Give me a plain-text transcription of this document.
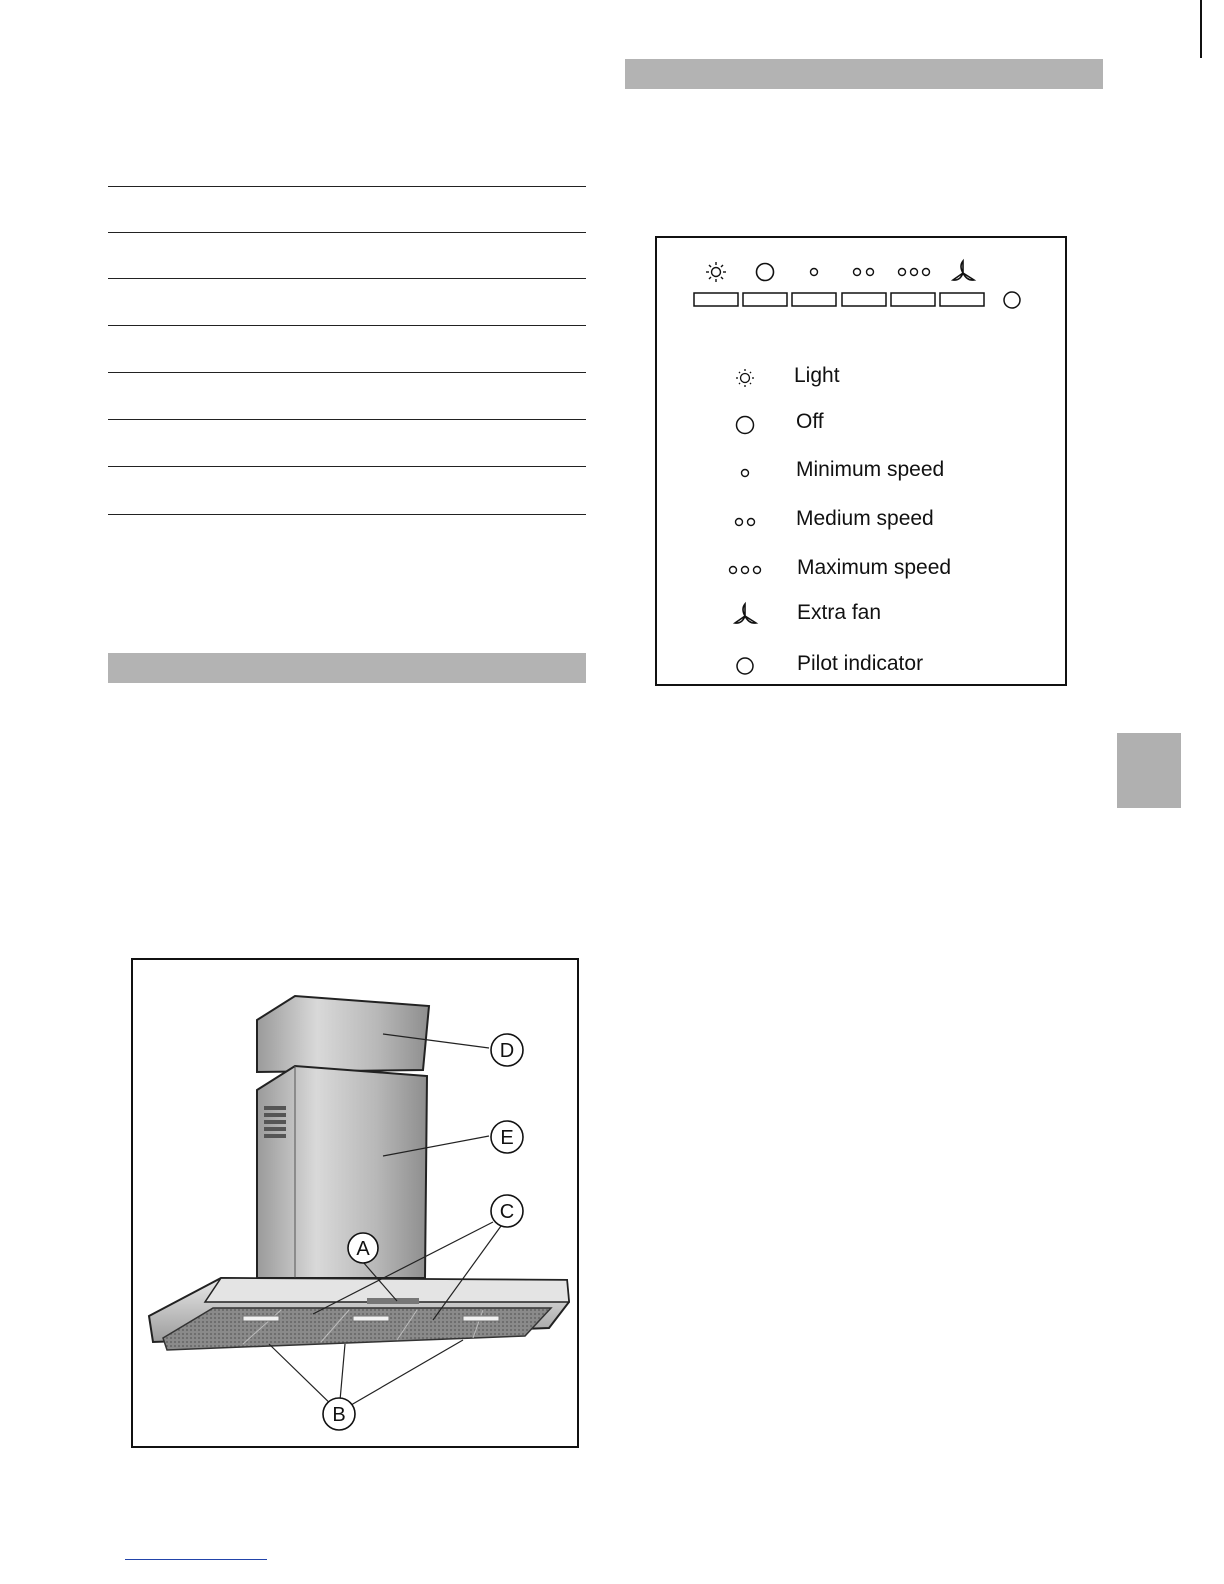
Light
Off
Minimum speed
Medium speed
Maximum speed
Extra fan
Pilot indicator
A
B
C
D
E
